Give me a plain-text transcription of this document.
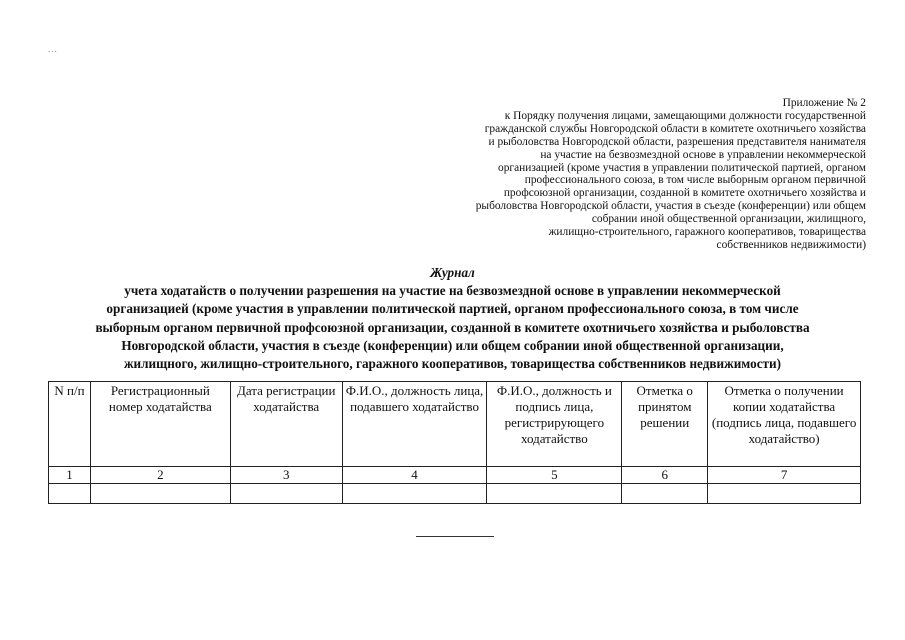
...
Приложение № 2
к Порядку получения лицами, замещающими должности государственной
гражданской службы Новгородской области в комитете охотничьего хозяйства
и рыболовства Новгородской области, разрешения представителя нанимателя
на участие на безвозмездной основе в управлении некоммерческой
организацией (кроме участия в управлении политической партией, органом
профессионального союза, в том числе выборным органом первичной
профсоюзной организации, созданной в комитете охотничьего хозяйства и
рыболовства Новгородской области, участия в съезде (конференции) или общем
собрании иной общественной организации, жилищного,
жилищно-строительного, гаражного кооперативов, товарищества
собственников недвижимости)
Журнал
учета ходатайств о получении разрешения на участие на безвозмездной основе в управлении некоммерческой
организацией (кроме участия в управлении политической партией, органом профессионального союза, в том числе
выборным органом первичной профсоюзной организации, созданной в комитете охотничьего хозяйства и рыболовства
Новгородской области, участия в съезде (конференции) или общем собрании иной общественной организации,
жилищного, жилищно-строительного, гаражного кооперативов, товарищества собственников недвижимости)
N п/п	Регистрационный номер ходатайства	Дата регистрации ходатайства	Ф.И.О., должность лица, подавшего ходатайство	Ф.И.О., должность и подпись лица, регистрирующего ходатайство	Отметка о принятом решении	Отметка о получении копии ходатайства (подпись лица, подавшего ходатайство)
1	2	3	4	5	6	7
